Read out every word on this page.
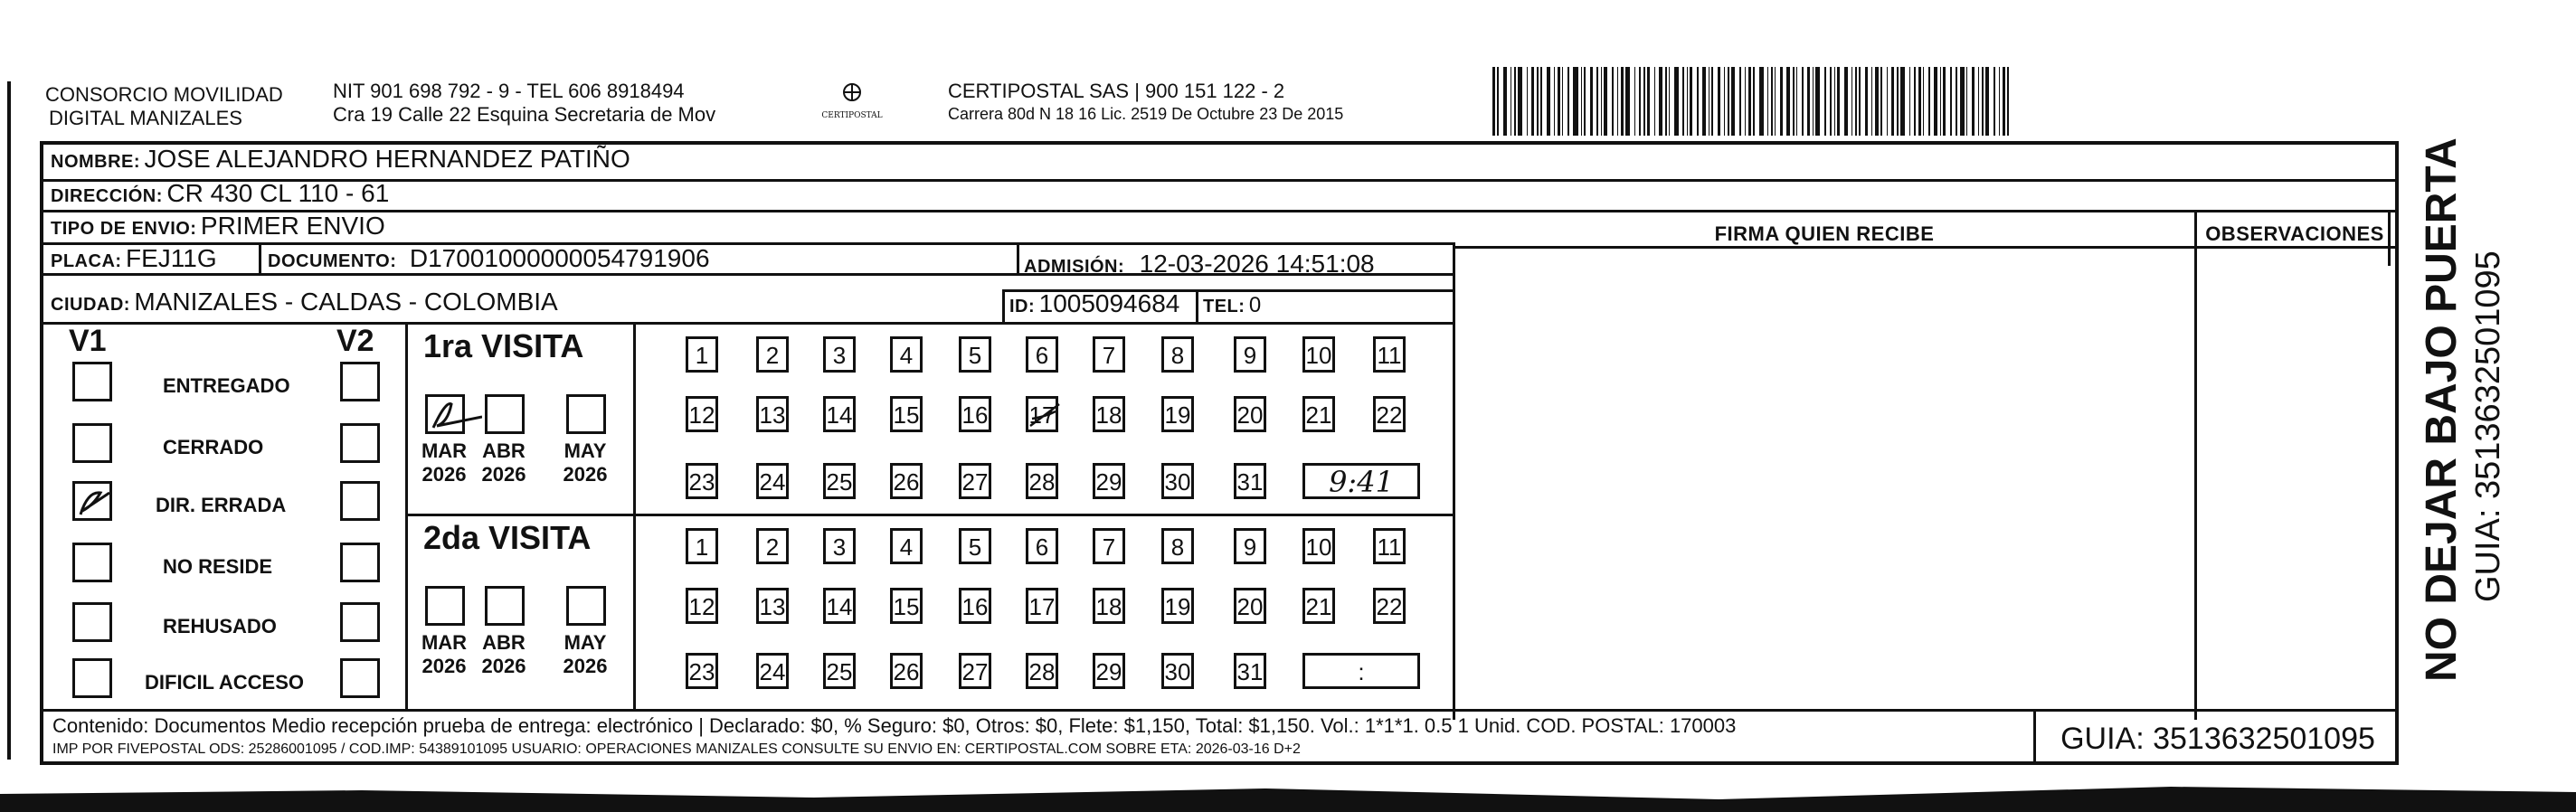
CONSORCIO MOVILIDAD
DIGITAL MANIZALES
NIT 901 698 792 - 9 - TEL 606 8918494
Cra 19 Calle 22 Esquina Secretaria de Mov	CERTIPOSTAL
CERTIPOSTAL SAS | 900 151 122 - 2
Carrera 80d N 18 16 Lic. 2519 De Octubre 23 De 2015
NOMBRE: JOSE ALEJANDRO HERNANDEZ PATIÑO
DIRECCIÓN: CR 430 CL 110 - 61
TIPO DE ENVIO: PRIMER ENVIO
PLACA: FEJ11G	DOCUMENTO: D17001000000054791906	ADMISIÓN: 12-03-2026 14:51:08
CIUDAD: MANIZALES - CALDAS - COLOMBIA	ID: 1005094684 TEL: 0
FIRMA QUIEN RECIBE	OBSERVACIONES
V1	V2
ENTREGADO
CERRADO
DIR. ERRADA
NO RESIDE
REHUSADO
DIFICIL ACCESO
1ra VISITA
2da VISITA
MAR
2026
ABR
2026
MAY
2026
MAR
2026
ABR
2026
MAY
2026
1	2	3	4	5	6	7	8	9	10 11
12 13 14 15 16 17 18 19 20 21 22
23 24 25 26 27 28 29 30 31	9:41
1	2	3	4	5	6	7	8	9	10 11
12 13 14 15 16 17 18 19 20 21 22
23 24 25 26 27 28 29 30 31	:
Contenido: Documentos Medio recepción prueba de entrega: electrónico | Declarado: $0, % Seguro: $0, Otros: $0, Flete: $1,150, Total: $1,150. Vol.: 1*1*1. 0.5 1 Unid. COD. POSTAL: 170003
IMP POR FIVEPOSTAL ODS: 25286001095 / COD.IMP: 54389101095 USUARIO: OPERACIONES MANIZALES CONSULTE SU ENVIO EN: CERTIPOSTAL.COM SOBRE ETA: 2026-03-16 D+2	GUIA: 3513632501095
NO DEJAR BAJO PUERTA GUIA: 3513632501095
